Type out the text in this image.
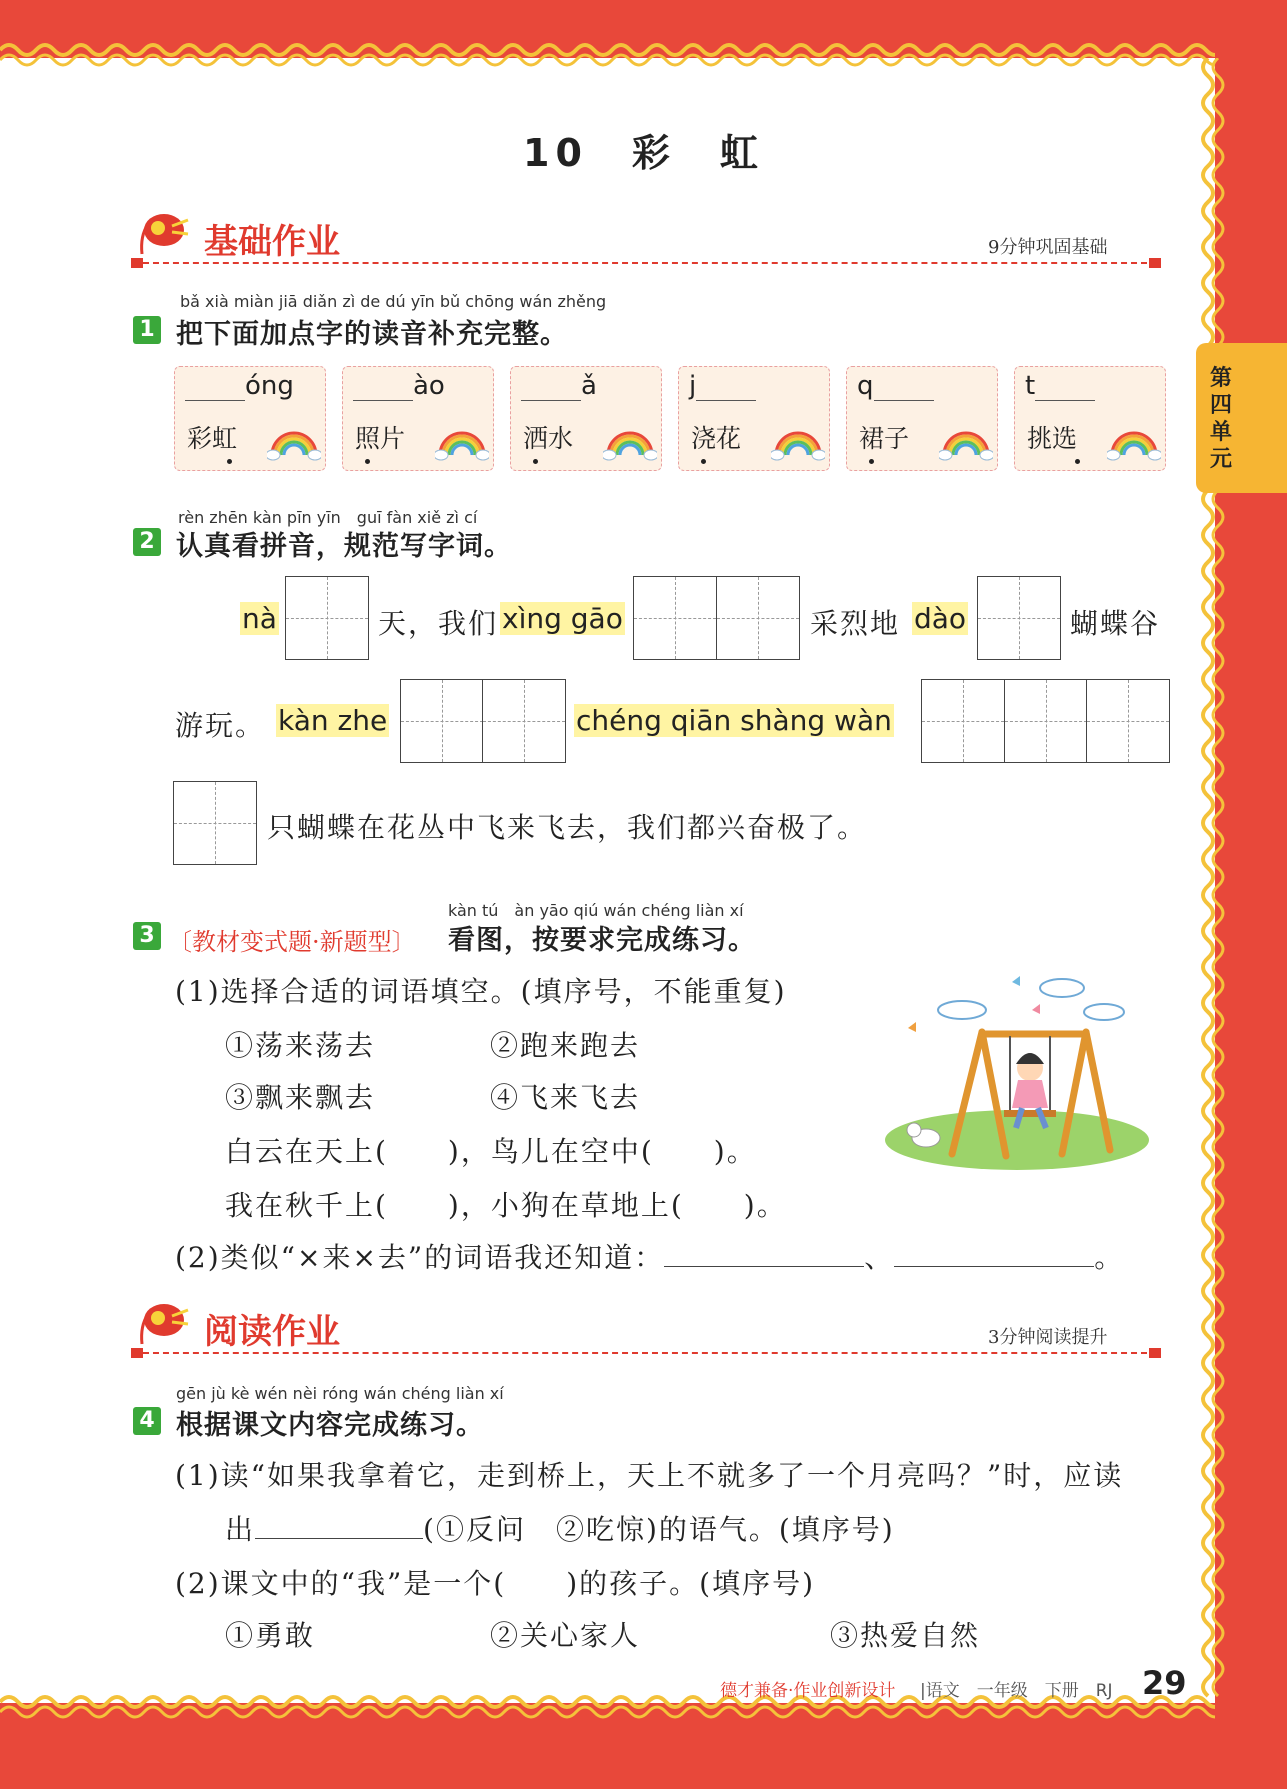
第四单元
10　彩　虹
基础作业	9分钟巩固基础
bǎ xià miàn jiā diǎn zì de dú yīn bǔ chōng wán zhěng
1 把下面加点字的读音补充完整。
óng
彩虹
ào
照片
ǎ
洒水
j
浇花
q
裙子
t
挑选
rèn zhēn kàn pīn yīn　guī fàn xiě zì cí
2 认真看拼音，规范写字词。
nà	天，我们 xìng gāo	采烈地 dào	蝴蝶谷
游玩。 kàn zhe	chéng qiān shàng wàn
只蝴蝶在花丛中飞来飞去，我们都兴奋极了。
kàn tú　àn yāo qiú wán chéng liàn xí
3 〔教材变式题·新题型〕 看图，按要求完成练习。
(1)选择合适的词语填空。(填序号，不能重复)
①荡来荡去	②跑来跑去
③飘来飘去	④飞来飞去
白云在天上(　　)，鸟儿在空中(　　)。
我在秋千上(　　)，小狗在草地上(　　)。
(2)类似“×来×去”的词语我还知道：	、	。
阅读作业	3分钟阅读提升
gēn jù kè wén nèi róng wán chéng liàn xí
4 根据课文内容完成练习。
(1)读“如果我拿着它，走到桥上，天上不就多了一个月亮吗？”时，应读
出	(①反问　②吃惊)的语气。(填序号)
(2)课文中的“我”是一个(　　)的孩子。(填序号)
①勇敢	②关心家人	③热爱自然
德才兼备·作业创新设计 |语文　一年级　下册　RJ 29
